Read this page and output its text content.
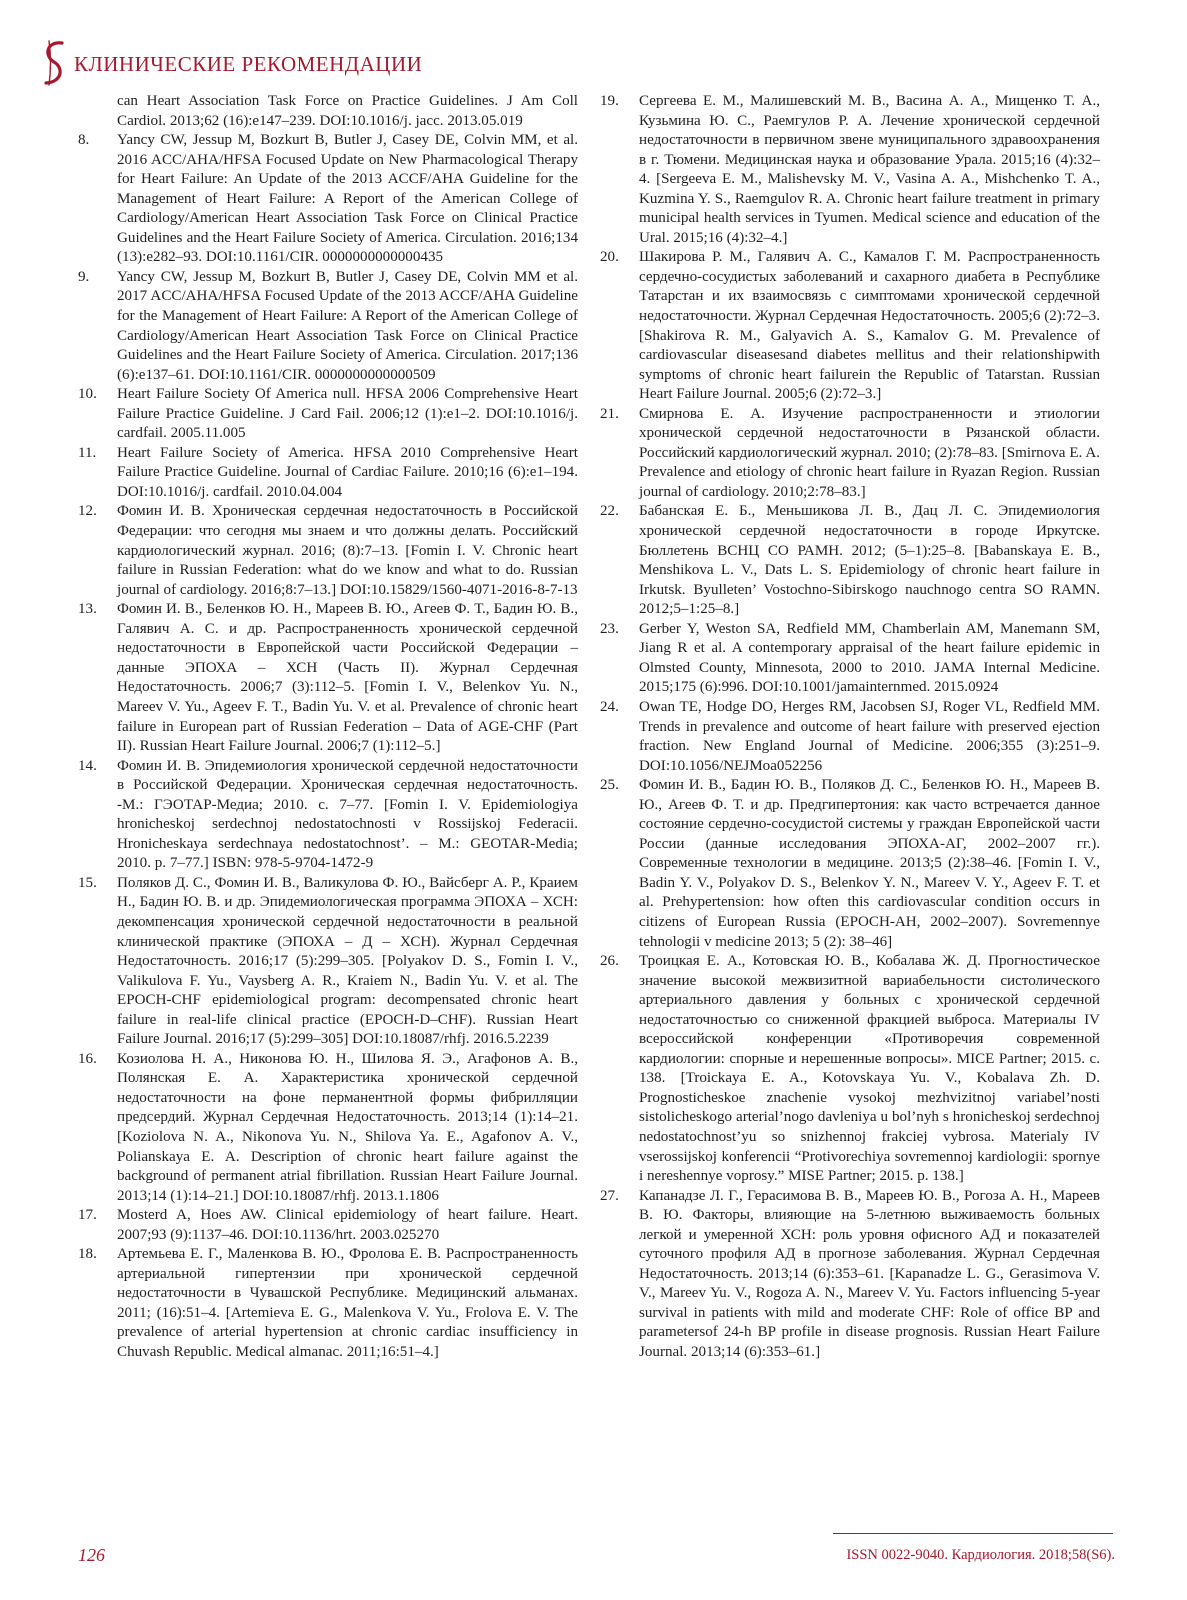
КЛИНИЧЕСКИЕ РЕКОМЕНДАЦИИ
can Heart Association Task Force on Practice Guidelines. J Am Coll Cardiol. 2013;62 (16):e147–239. DOI:10.1016/j. jacc. 2013.05.019
8.	Yancy CW, Jessup M, Bozkurt B, Butler J, Casey DE, Colvin MM, et al. 2016 ACC/AHA/HFSA Focused Update on New Pharmacological Therapy for Heart Failure: An Update of the 2013 ACCF/AHA Guideline for the Management of Heart Failure: A Report of the American College of Cardiology/American Heart Association Task Force on Clinical Practice Guidelines and the Heart Failure Society of America. Circulation. 2016;134 (13):e282–93. DOI:10.1161/CIR. 0000000000000435
9.	Yancy CW, Jessup M, Bozkurt B, Butler J, Casey DE, Colvin MM et al. 2017 ACC/AHA/HFSA Focused Update of the 2013 ACCF/AHA Guideline for the Management of Heart Failure: A Report of the American College of Cardiology/American Heart Association Task Force on Clinical Practice Guidelines and the Heart Failure Society of America. Circulation. 2017;136 (6):e137–61. DOI:10.1161/CIR. 0000000000000509
10.	Heart Failure Society Of America null. HFSA 2006 Comprehensive Heart Failure Practice Guideline. J Card Fail. 2006;12 (1):e1–2. DOI:10.1016/j. cardfail. 2005.11.005
11.	Heart Failure Society of America. HFSA 2010 Comprehensive Heart Failure Practice Guideline. Journal of Cardiac Failure. 2010;16 (6):e1–194. DOI:10.1016/j. cardfail. 2010.04.004
12.	Фомин И. В. Хроническая сердечная недостаточность в Российской Федерации: что сегодня мы знаем и что должны делать. Российский кардиологический журнал. 2016; (8):7–13. [Fomin I. V. Chronic heart failure in Russian Federation: what do we know and what to do. Russian journal of cardiology. 2016;8:7–13.] DOI:10.15829/1560-4071-2016-8-7-13
13.	Фомин И. В., Беленков Ю. Н., Мареев В. Ю., Агеев Ф. Т., Бадин Ю. В., Галявич А. С. и др. Распространенность хронической сердечной недостаточности в Европейской части Российской Федерации – данные ЭПОХА – ХСН (Часть II). Журнал Сердечная Недостаточность. 2006;7 (3):112–5. [Fomin I. V., Belenkov Yu. N., Mareev V. Yu., Ageev F. T., Badin Yu. V. et al. Prevalence of chronic heart failure in European part of Russian Federation – Data of AGE-CHF (Part II). Russian Heart Failure Journal. 2006;7 (1):112–5.]
14.	Фомин И. В. Эпидемиология хронической сердечной недостаточности в Российской Федерации. Хроническая сердечная недостаточность. -М.: ГЭОТАР-Медиа; 2010. с. 7–77. [Fomin I. V. Epidemiologiya hronicheskoj serdechnoj nedostatochnosti v Rossijskoj Federacii. Hronicheskaya serdechnaya nedostatochnost’. – M.: GEOTAR-Media; 2010. p. 7–77.] ISBN: 978-5-9704-1472-9
15.	Поляков Д. С., Фомин И. В., Валикулова Ф. Ю., Вайсберг А. Р., Краием Н., Бадин Ю. В. и др. Эпидемиологическая программа ЭПОХА – ХСН: декомпенсация хронической сердечной недостаточности в реальной клинической практике (ЭПОХА – Д – ХСН). Журнал Сердечная Недостаточность. 2016;17 (5):299–305. [Polyakov D. S., Fomin I. V., Valikulova F. Yu., Vaysberg A. R., Kraiem N., Badin Yu. V. et al. The EPOCH-CHF epidemiological program: decompensated chronic heart failure in real-life clinical practice (EPOCH-D–CHF). Russian Heart Failure Journal. 2016;17 (5):299–305] DOI:10.18087/rhfj. 2016.5.2239
16.	Козиолова Н. А., Никонова Ю. Н., Шилова Я. Э., Агафонов А. В., Полянская Е. А. Характеристика хронической сердечной недостаточности на фоне перманентной формы фибрилляции предсердий. Журнал Сердечная Недостаточность. 2013;14 (1):14–21. [Koziolova N. A., Nikonova Yu. N., Shilova Ya. E., Agafonov A. V., Polianskaya E. A. Description of chronic heart failure against the background of permanent atrial fibrillation. Russian Heart Failure Journal. 2013;14 (1):14–21.] DOI:10.18087/rhfj. 2013.1.1806
17.	Mosterd A, Hoes AW. Clinical epidemiology of heart failure. Heart. 2007;93 (9):1137–46. DOI:10.1136/hrt. 2003.025270
18.	Артемьева Е. Г., Маленкова В. Ю., Фролова Е. В. Распространенность артериальной гипертензии при хронической сердечной недостаточности в Чувашской Республике. Медицинский альманах. 2011; (16):51–4. [Artemieva E. G., Malenkova V. Yu., Frolova E. V. The prevalence of arterial hypertension at chronic cardiac insufficiency in Chuvash Republic. Medical almanac. 2011;16:51–4.]
19.	Сергеева Е. М., Малишевский М. В., Васина А. А., Мищенко Т. А., Кузьмина Ю. С., Раемгулов Р. А. Лечение хронической сердечной недостаточности в первичном звене муниципального здравоохранения в г. Тюмени. Медицинская наука и образование Урала. 2015;16 (4):32–4. [Sergeeva E. M., Malishevsky M. V., Vasina A. A., Mishchenko T. A., Kuzmina Y. S., Raemgulov R. A. Chronic heart failure treatment in primary municipal health services in Tyumen. Medical science and education of the Ural. 2015;16 (4):32–4.]
20.	Шакирова Р. М., Галявич А. С., Камалов Г. М. Распространенность сердечно-сосудистых заболеваний и сахарного диабета в Республике Татарстан и их взаимосвязь с симптомами хронической сердечной недостаточности. Журнал Сердечная Недостаточность. 2005;6 (2):72–3. [Shakirova R. M., Galyavich A. S., Kamalov G. M. Prevalence of cardiovascular diseasesand diabetes mellitus and their relationshipwith symptoms of chronic heart failurein the Republic of Tatarstan. Russian Heart Failure Journal. 2005;6 (2):72–3.]
21.	Смирнова Е. А. Изучение распространенности и этиологии хронической сердечной недостаточности в Рязанской области. Российский кардиологический журнал. 2010; (2):78–83. [Smirnova E. A. Prevalence and etiology of chronic heart failure in Ryazan Region. Russian journal of cardiology. 2010;2:78–83.]
22.	Бабанская Е. Б., Меньшикова Л. В., Дац Л. С. Эпидемиология хронической сердечной недостаточности в городе Иркутске. Бюллетень ВСНЦ СО РАМН. 2012; (5–1):25–8. [Babanskaya E. B., Menshikova L. V., Dats L. S. Epidemiology of chronic heart failure in Irkutsk. Byulleten’ Vostochno-Sibirskogo nauchnogo centra SO RAMN. 2012;5–1:25–8.]
23.	Gerber Y, Weston SA, Redfield MM, Chamberlain AM, Manemann SM, Jiang R et al. A contemporary appraisal of the heart failure epidemic in Olmsted County, Minnesota, 2000 to 2010. JAMA Internal Medicine. 2015;175 (6):996. DOI:10.1001/jamainternmed. 2015.0924
24.	Owan TE, Hodge DO, Herges RM, Jacobsen SJ, Roger VL, Redfield MM. Trends in prevalence and outcome of heart failure with preserved ejection fraction. New England Journal of Medicine. 2006;355 (3):251–9. DOI:10.1056/NEJMoa052256
25.	Фомин И. В., Бадин Ю. В., Поляков Д. С., Беленков Ю. Н., Мареев В. Ю., Агеев Ф. Т. и др. Предгипертония: как часто встречается данное состояние сердечно-сосудистой системы у граждан Европейской части России (данные исследования ЭПОХА-АГ, 2002–2007 гг.). Современные технологии в медицине. 2013;5 (2):38–46. [Fomin I. V., Badin Y. V., Polyakov D. S., Belenkov Y. N., Mareev V. Y., Ageev F. T. et al. Prehypertension: how often this cardiovascular condition occurs in citizens of European Russia (EPOCH-AH, 2002–2007). Sovremennye tehnologii v medicine 2013; 5 (2): 38–46]
26.	Троицкая Е. А., Котовская Ю. В., Кобалава Ж. Д. Прогностическое значение высокой межвизитной вариабельности систолического артериального давления у больных с хронической сердечной недостаточностью со сниженной фракцией выброса. Материалы IV всероссийской конференции «Противоречия современной кардиологии: спорные и нерешенные вопросы». MICE Partner; 2015. с. 138. [Troickaya E. A., Kotovskaya Yu. V., Kobalava Zh. D. Prognosticheskoe znachenie vysokoj mezhvizitnoj variabel’nosti sistolicheskogo arterial’nogo davleniya u bol’nyh s hronicheskoj serdechnoj nedostatochnost’yu so snizhennoj frakciej vybrosa. Materialy IV vserossijskoj konferencii “Protivorechiya sovremennoj kardiologii: spornye i nereshennye voprosy.” MISE Partner; 2015. p. 138.]
27.	Капанадзе Л. Г., Герасимова В. В., Мареев Ю. В., Рогоза А. Н., Мареев В. Ю. Факторы, влияющие на 5-летнюю выживаемость больных легкой и умеренной ХСН: роль уровня офисного АД и показателей суточного профиля АД в прогнозе заболевания. Журнал Сердечная Недостаточность. 2013;14 (6):353–61. [Kapanadze L. G., Gerasimova V. V., Mareev Yu. V., Rogoza A. N., Mareev V. Yu. Factors influencing 5-year survival in patients with mild and moderate CHF: Role of office BP and parametersof 24-h BP profile in disease prognosis. Russian Heart Failure Journal. 2013;14 (6):353–61.]
126	ISSN 0022-9040. Кардиология. 2018;58(S6).
